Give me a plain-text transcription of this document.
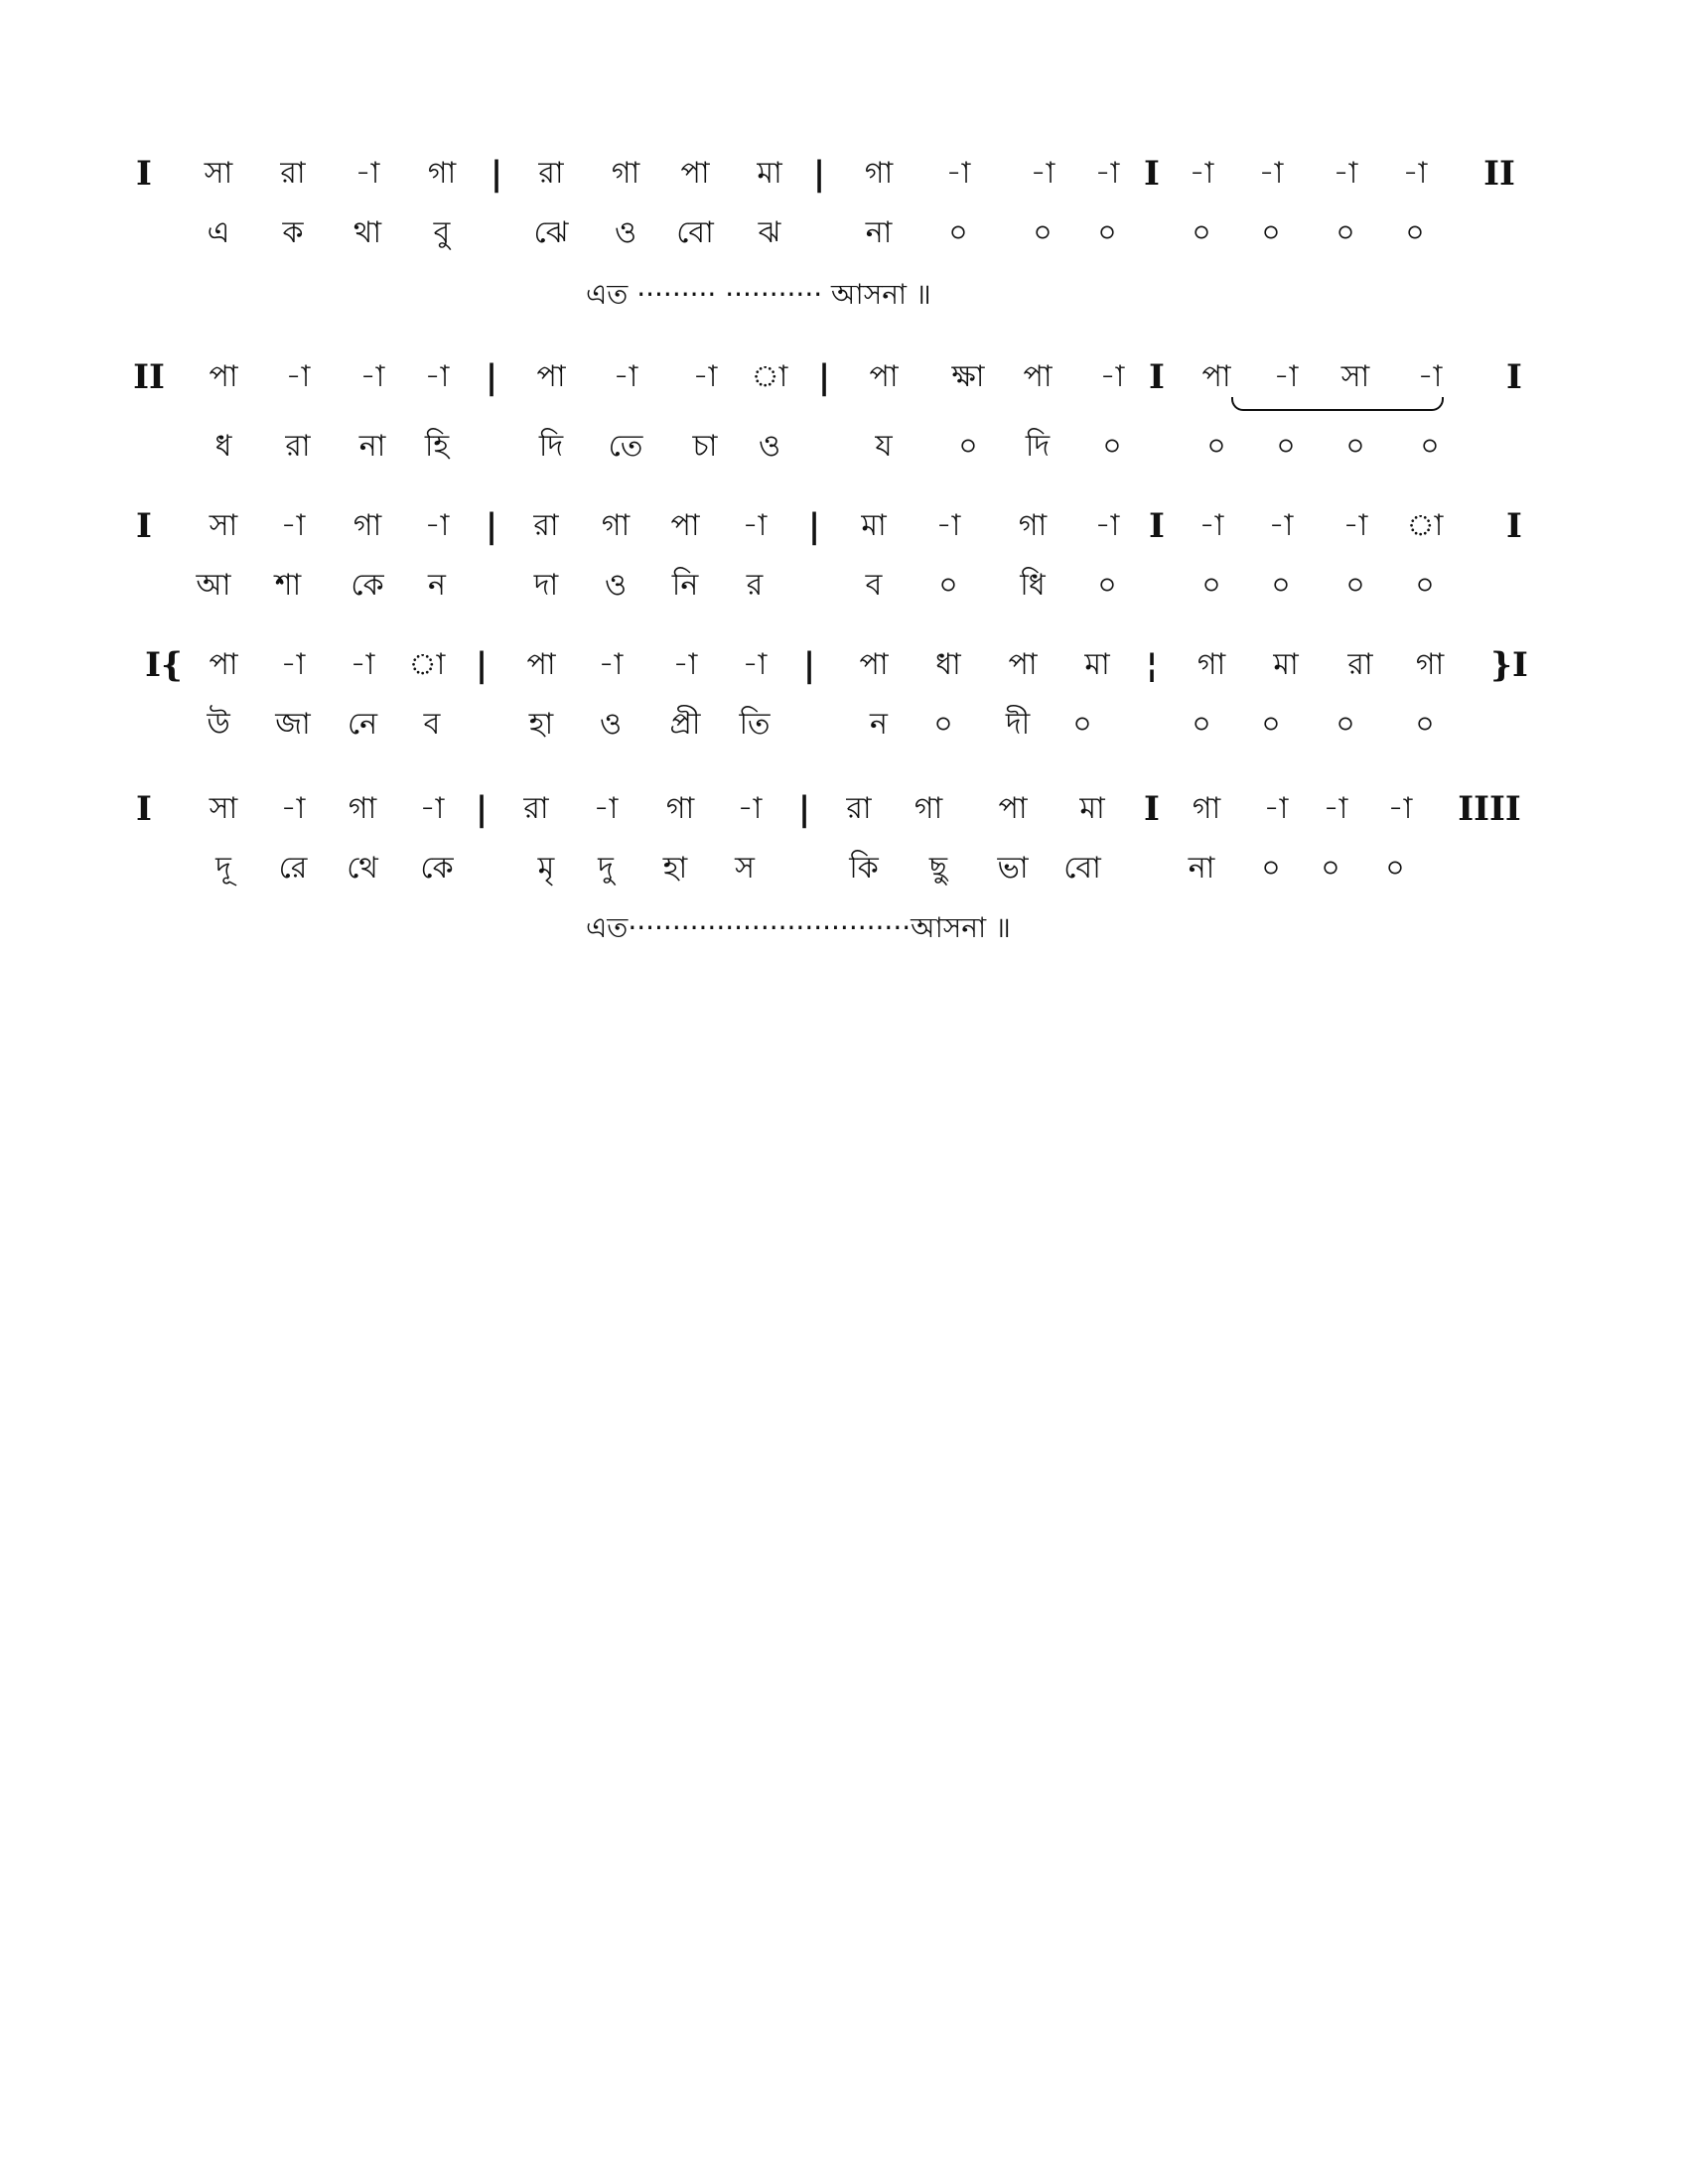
I	সা	রা	-া	গা	|	রা	গা	পা	মা |	গা	-া	-া	-া I -া	-া	-া	-া	II
এ	ক	থা	বু	ঝে	ও	বো	ঝ	না	০	০	০	০	০	০	০
এত ········· ··········· আসনা ॥
II	পা	-া	-া	-া	|	পা	-া	-া	া |	পা	ক্ষা	পা	-া I	পা	-া	সা	-া	I
ধ	রা	না	হি	দি	তে	চা	ও	য	০	দি	০	০	০	০	০
I	সা	-া	গা	-া	|	রা	গা	পা	-া	|	মা	-া	গা	-া I	-া	-া	-া	া	I
আ	শা	কে	ন	দা	ও	নি	র	ব	০	ধি	০	০	০	০	০
I{ পা	-া	-া	া |	পা	-া	-া	-া	|	পা	ধা	পা	মা	¦	গা	মা	রা	গা	}I
উ	জা	নে	ব	হা	ও	প্রী	তি	ন	০	দী	০	০	০	০	০
I	সা	-া	গা	-া |	রা	-া	গা	-া	|	রা	গা	পা	মা	I	গা	-া	-া	-া	IIII
দূ	রে	থে	কে	মৃ	দু	হা	স	কি	ছু	ভা	বো	না	০	০	০
এত································আসনা ॥
